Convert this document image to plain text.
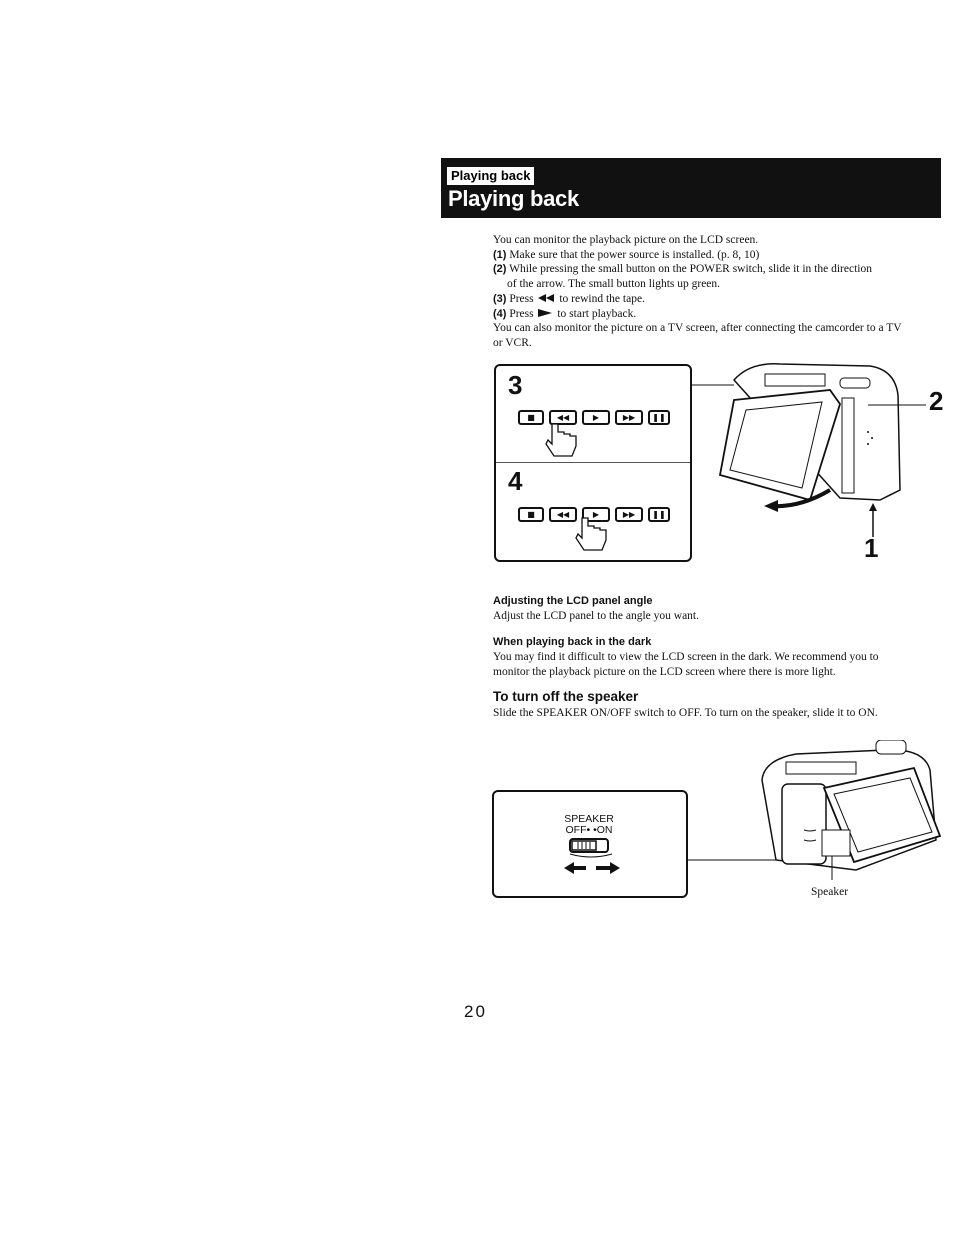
Playing back
Playing back
You can monitor the playback picture on the LCD screen.
(1) Make sure that the power source is installed. (p. 8, 10)
(2) While pressing the small button on the POWER switch, slide it in the direction
of the arrow. The small button lights up green.
(3) Press to rewind the tape.
(4) Press to start playback.
You can also monitor the picture on a TV screen, after connecting the camcorder to a TV
or VCR.
3
4
■	◀◀	▶	▶▶	❚❚
■	◀◀	▶	▶▶	❚❚
2
1
Adjusting the LCD panel angle
Adjust the LCD panel to the angle you want.
When playing back in the dark
You may find it difficult to view the LCD screen in the dark. We recommend you to
monitor the playback picture on the LCD screen where there is more light.
To turn off the speaker
Slide the SPEAKER ON/OFF switch to OFF. To turn on the speaker, slide it to ON.
SPEAKER
OFF• •ON
Speaker
20
